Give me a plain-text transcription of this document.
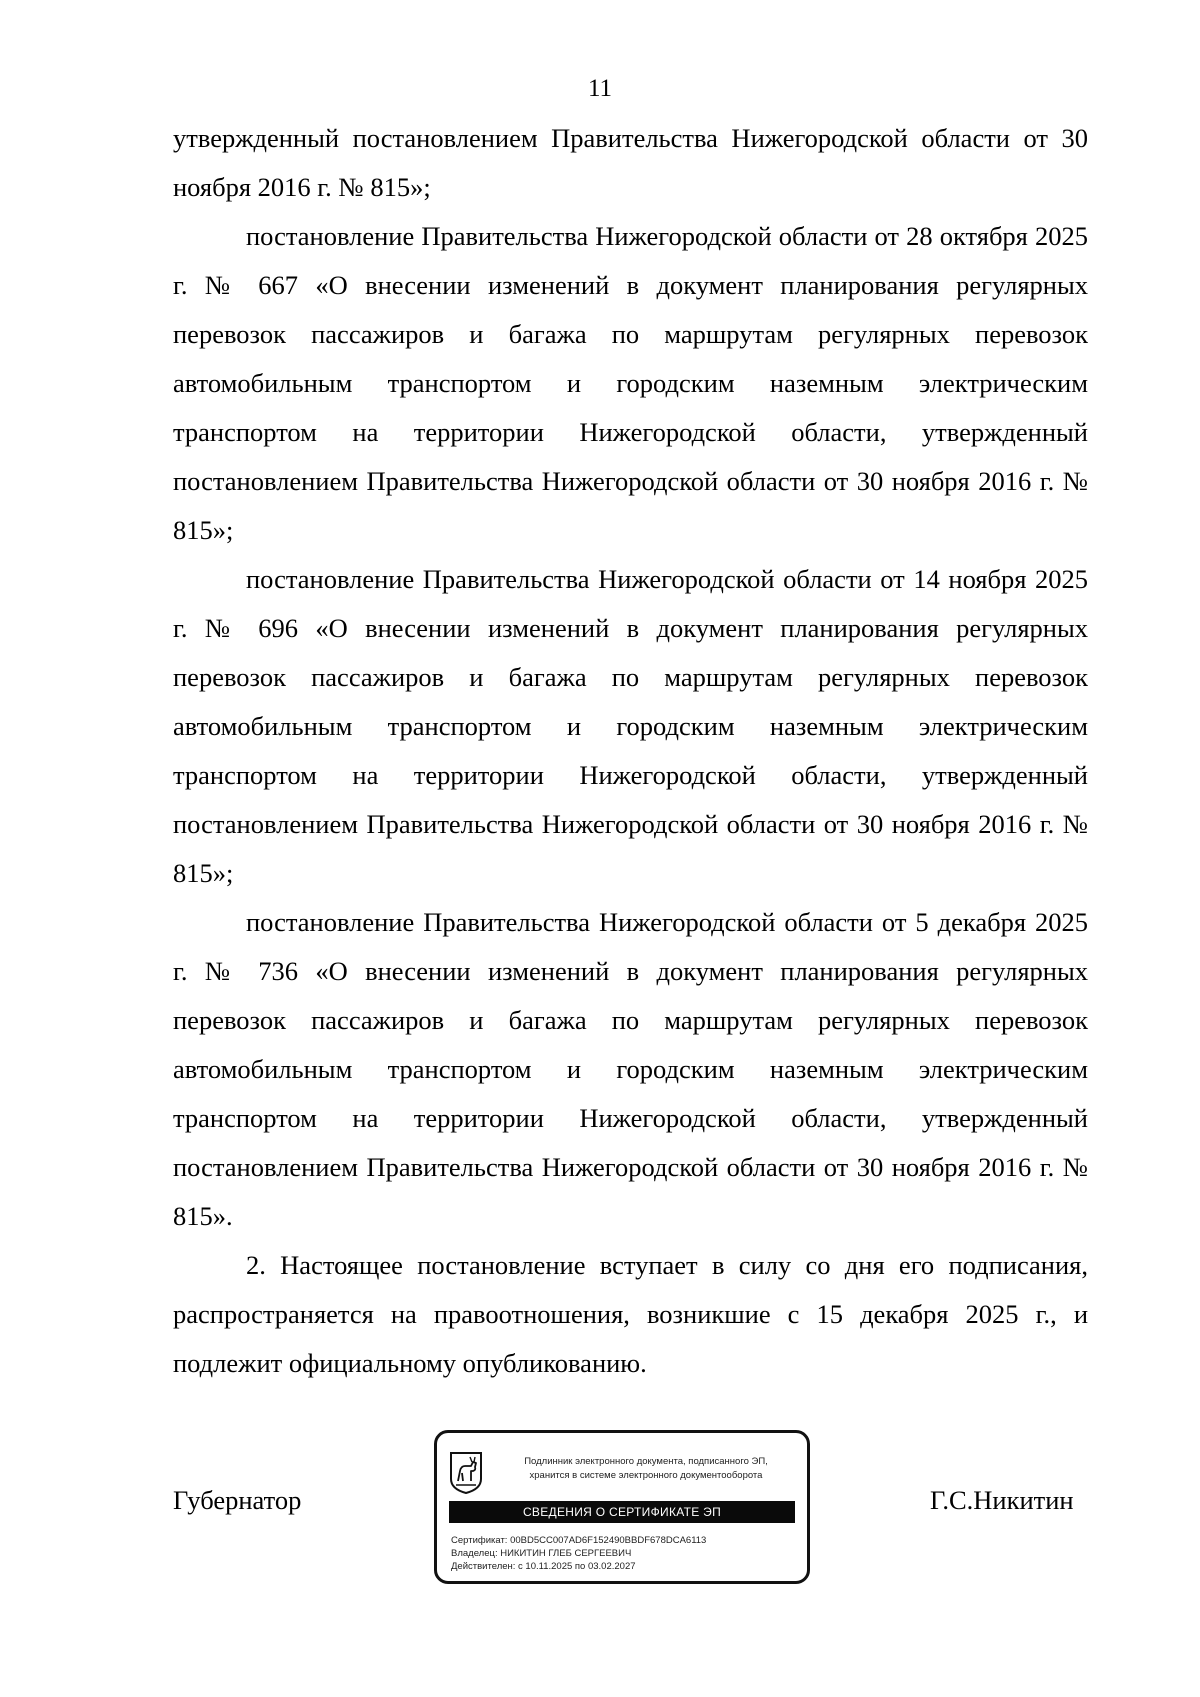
11

утвержденный постановлением Правительства Нижегородской области от 30 ноября 2016 г. № 815»;

постановление Правительства Нижегородской области от 28 октября 2025 г. № 667 «О внесении изменений в документ планирования регулярных перевозок пассажиров и багажа по маршрутам регулярных перевозок автомобильным транспортом и городским наземным электрическим транспортом на территории Нижегородской области, утвержденный постановлением Правительства Нижегородской области от 30 ноября 2016 г. № 815»;

постановление Правительства Нижегородской области от 14 ноября 2025 г. № 696 «О внесении изменений в документ планирования регулярных перевозок пассажиров и багажа по маршрутам регулярных перевозок автомобильным транспортом и городским наземным электрическим транспортом на территории Нижегородской области, утвержденный постановлением Правительства Нижегородской области от 30 ноября 2016 г. № 815»;

постановление Правительства Нижегородской области от 5 декабря 2025 г. № 736 «О внесении изменений в документ планирования регулярных перевозок пассажиров и багажа по маршрутам регулярных перевозок автомобильным транспортом и городским наземным электрическим транспортом на территории Нижегородской области, утвержденный постановлением Правительства Нижегородской области от 30 ноября 2016 г. № 815».

2. Настоящее постановление вступает в силу со дня его подписания, распространяется на правоотношения, возникшие с 15 декабря 2025 г., и подлежит официальному опубликованию.

Губернатор	Г.С.Никитин
Подлинник электронного документа, подписанного ЭП,
хранится в системе электронного документооборота
СВЕДЕНИЯ О СЕРТИФИКАТЕ ЭП
Сертификат: 00BD5CC007AD6F152490BBDF678DCA6113
Владелец: НИКИТИН ГЛЕБ СЕРГЕЕВИЧ
Действителен: с 10.11.2025 по 03.02.2027
